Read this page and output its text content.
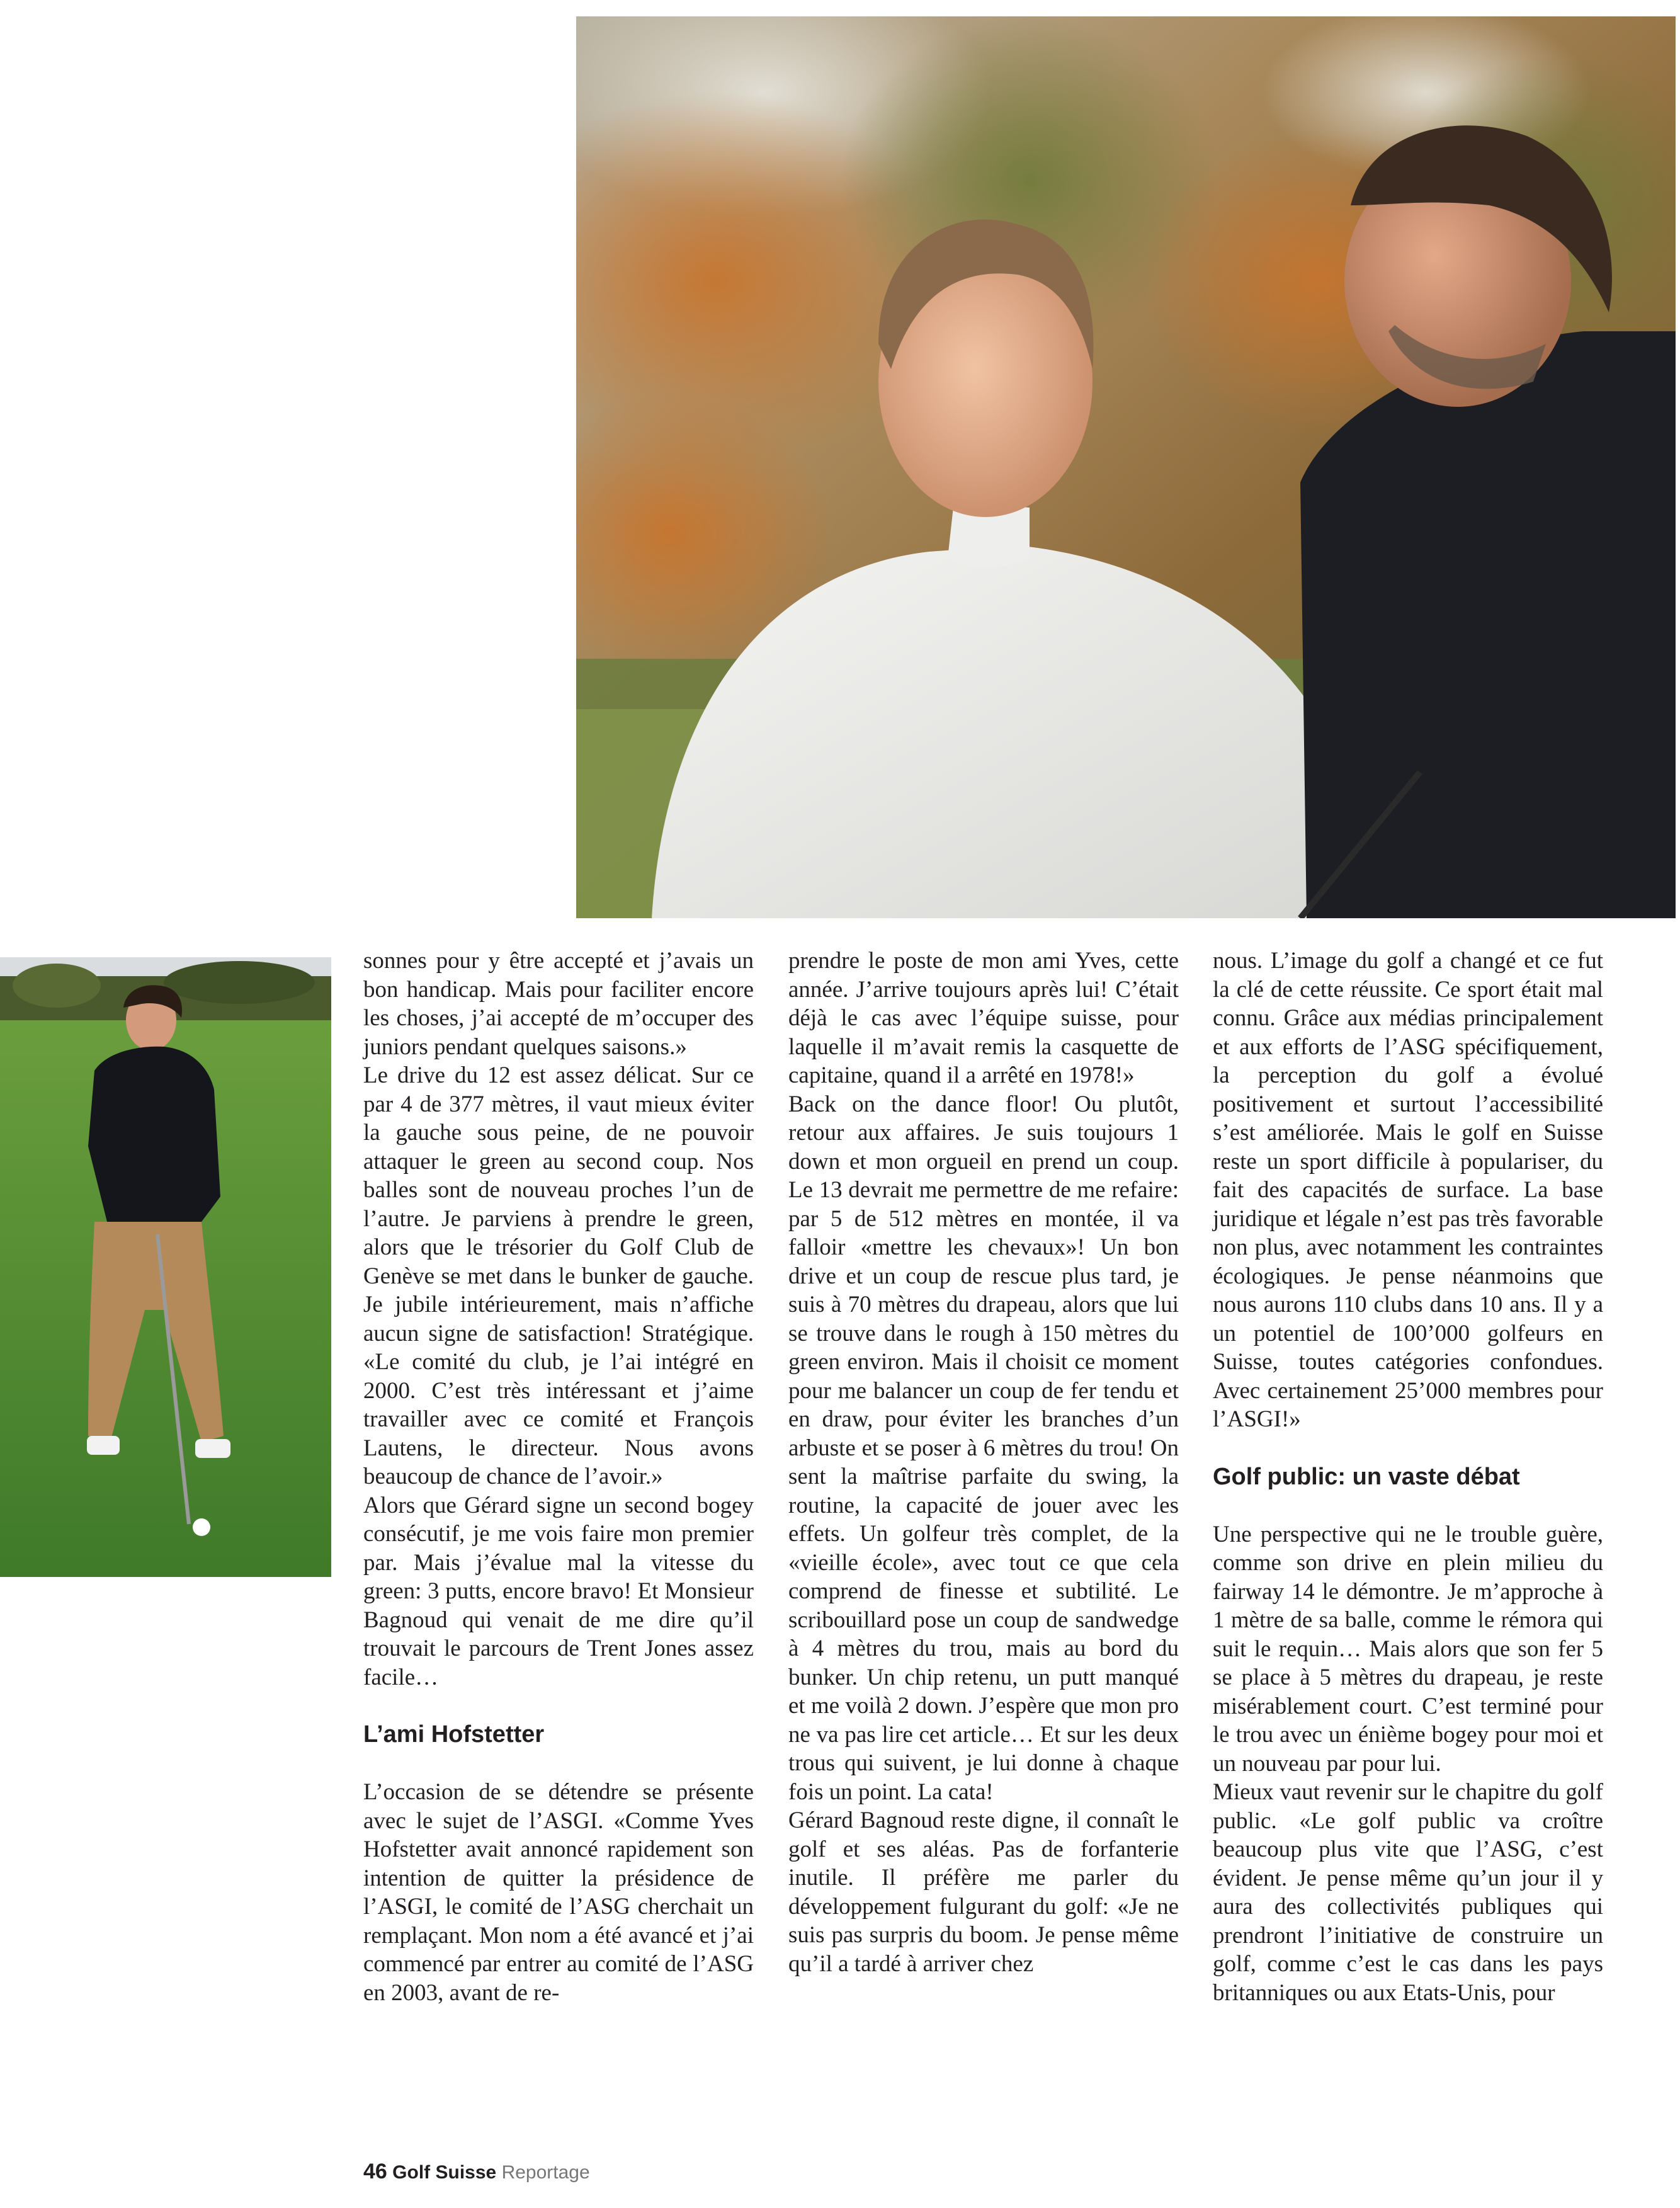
sonnes pour y être accepté et j’avais un bon handicap. Mais pour faciliter encore les choses, j’ai accepté de m’occuper des juniors pendant quelques saisons.»

Le drive du 12 est assez délicat. Sur ce par 4 de 377 mètres, il vaut mieux éviter la gauche sous peine, de ne pouvoir attaquer le green au second coup. Nos balles sont de nouveau proches l’un de l’autre. Je parviens à prendre le green, alors que le trésorier du Golf Club de Genève se met dans le bunker de gauche. Je jubile intérieurement, mais n’affiche aucun signe de satisfaction! Stratégique. «Le comité du club, je l’ai intégré en 2000. C’est très intéressant et j’aime travailler avec ce comité et François Lautens, le directeur. Nous avons beaucoup de chance de l’avoir.»

Alors que Gérard signe un second bogey consécutif, je me vois faire mon premier par. Mais j’évalue mal la vitesse du green: 3 putts, encore bravo! Et Monsieur Bagnoud qui venait de me dire qu’il trouvait le parcours de Trent Jones assez facile…

L’ami Hofstetter

L’occasion de se détendre se présente avec le sujet de l’ASGI. «Comme Yves Hofstetter avait annoncé rapidement son intention de quitter la présidence de l’ASGI, le comité de l’ASG cherchait un remplaçant. Mon nom a été avancé et j’ai commencé par entrer au comité de l’ASG en 2003, avant de re-

prendre le poste de mon ami Yves, cette année. J’arrive toujours après lui! C’était déjà le cas avec l’équipe suisse, pour laquelle il m’avait remis la casquette de capitaine, quand il a arrêté en 1978!»

Back on the dance floor! Ou plutôt, retour aux affaires. Je suis toujours 1 down et mon orgueil en prend un coup. Le 13 devrait me permettre de me refaire: par 5 de 512 mètres en montée, il va falloir «mettre les chevaux»! Un bon drive et un coup de rescue plus tard, je suis à 70 mètres du drapeau, alors que lui se trouve dans le rough à 150 mètres du green environ. Mais il choisit ce moment pour me balancer un coup de fer tendu et en draw, pour éviter les branches d’un arbuste et se poser à 6 mètres du trou! On sent la maîtrise parfaite du swing, la routine, la capacité de jouer avec les effets. Un golfeur très complet, de la «vieille école», avec tout ce que cela comprend de finesse et subtilité. Le scribouillard pose un coup de sandwedge à 4 mètres du trou, mais au bord du bunker. Un chip retenu, un putt manqué et me voilà 2 down. J’espère que mon pro ne va pas lire cet article… Et sur les deux trous qui suivent, je lui donne à chaque fois un point. La cata!

Gérard Bagnoud reste digne, il connaît le golf et ses aléas. Pas de forfanterie inutile. Il préfère me parler du développement fulgurant du golf: «Je ne suis pas surpris du boom. Je pense même qu’il a tardé à arriver chez

nous. L’image du golf a changé et ce fut la clé de cette réussite. Ce sport était mal connu. Grâce aux médias principalement et aux efforts de l’ASG spécifiquement, la perception du golf a évolué positivement et surtout l’accessibilité s’est améliorée. Mais le golf en Suisse reste un sport difficile à populariser, du fait des capacités de surface. La base juridique et légale n’est pas très favorable non plus, avec notamment les contraintes écologiques. Je pense néanmoins que nous aurons 110 clubs dans 10 ans. Il y a un potentiel de 100’000 golfeurs en Suisse, toutes catégories confondues. Avec certainement 25’000 membres pour l’ASGI!»

Golf public: un vaste débat

Une perspective qui ne le trouble guère, comme son drive en plein milieu du fairway 14 le démontre. Je m’approche à 1 mètre de sa balle, comme le rémora qui suit le requin… Mais alors que son fer 5 se place à 5 mètres du drapeau, je reste misérablement court. C’est terminé pour le trou avec un énième bogey pour moi et un nouveau par pour lui.

Mieux vaut revenir sur le chapitre du golf public. «Le golf public va croître beaucoup plus vite que l’ASG, c’est évident. Je pense même qu’un jour il y aura des collectivités publiques qui prendront l’initiative de construire un golf, comme c’est le cas dans les pays britanniques ou aux Etats-Unis, pour

46 Golf Suisse Reportage
